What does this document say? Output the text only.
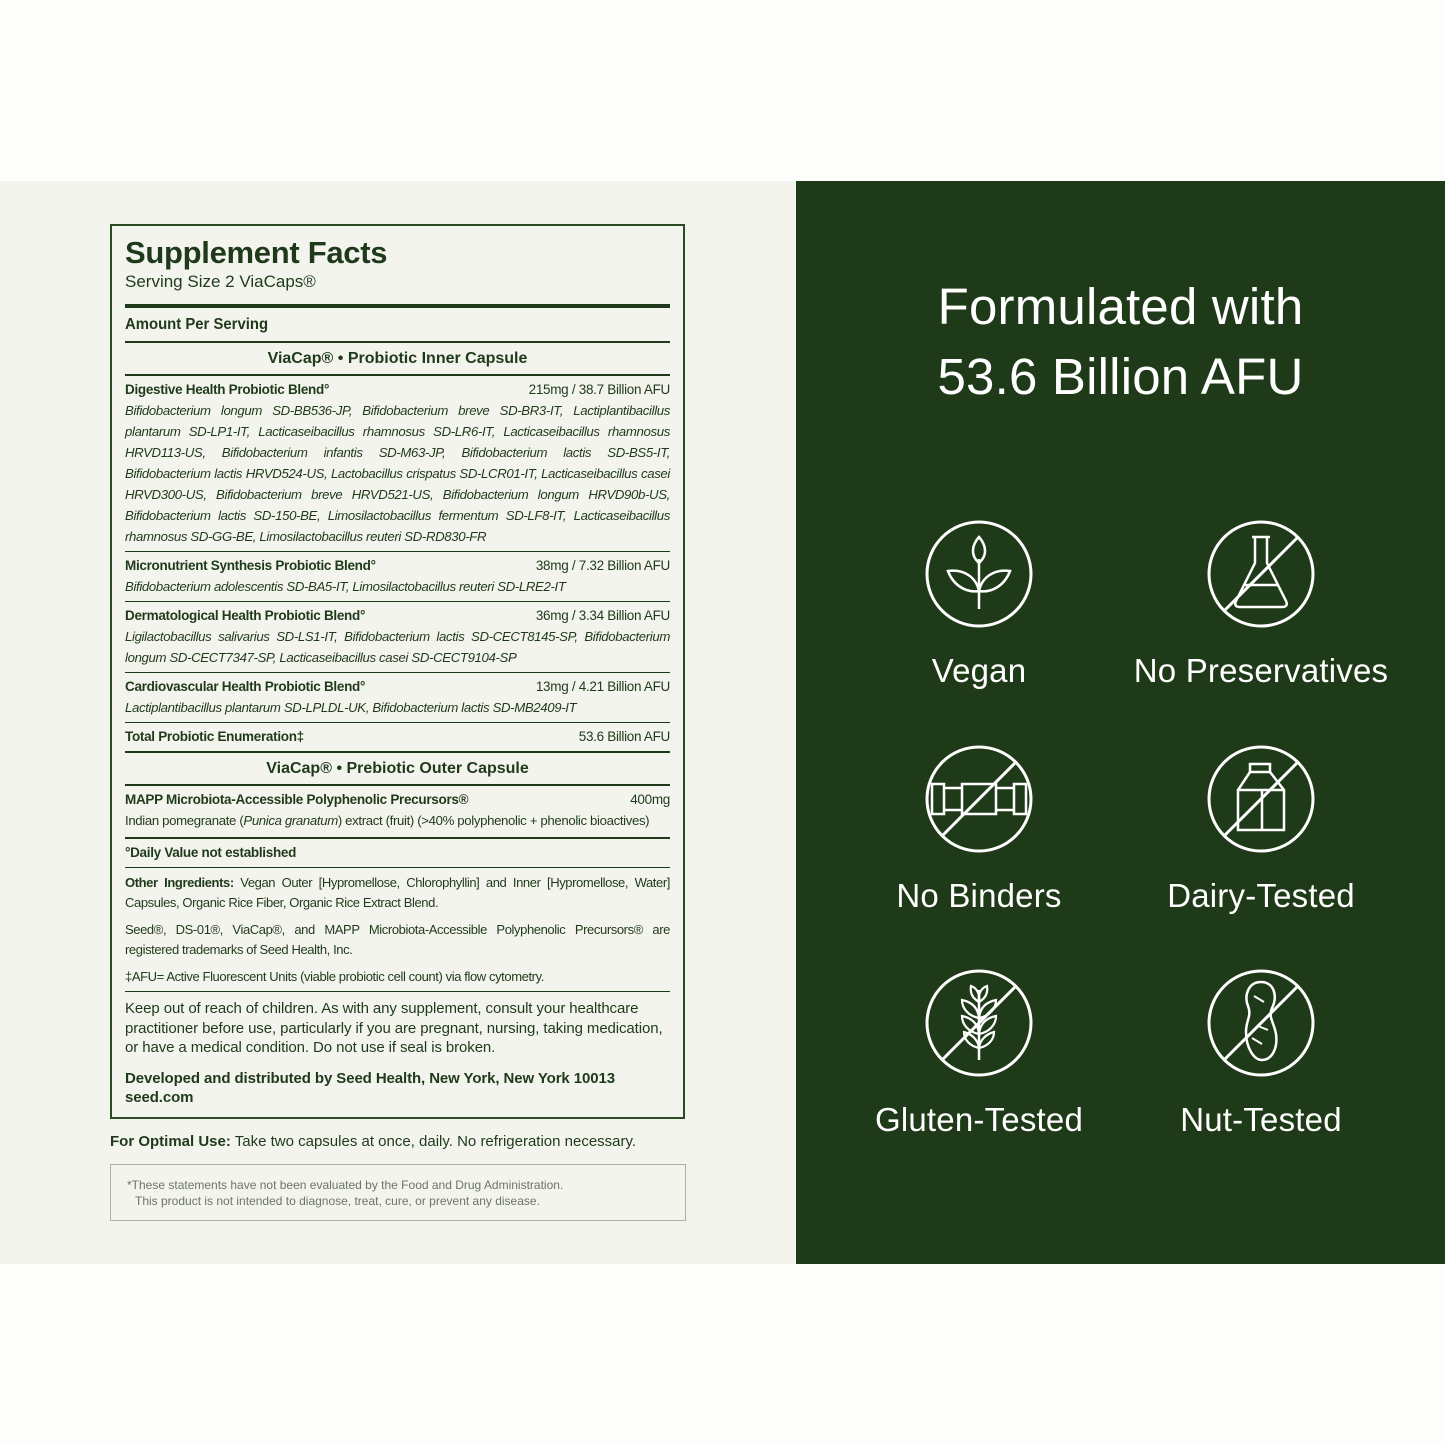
Supplement Facts
Serving Size 2 ViaCaps®
Amount Per Serving
ViaCap® • Probiotic Inner Capsule
Digestive Health Probiotic Blend°	215mg / 38.7 Billion AFU
Bifidobacterium longum SD-BB536-JP, Bifidobacterium breve SD-BR3-IT, Lactiplantibacillus plantarum SD-LP1-IT, Lacticaseibacillus rhamnosus SD-LR6-IT, Lacticaseibacillus rhamnosus HRVD113-US, Bifidobacterium infantis SD-M63-JP, Bifidobacterium lactis SD-BS5-IT, Bifidobacterium lactis HRVD524-US, Lactobacillus crispatus SD-LCR01-IT, Lacticaseibacillus casei HRVD300-US, Bifidobacterium breve HRVD521-US, Bifidobacterium longum HRVD90b-US, Bifidobacterium lactis SD-150-BE, Limosilactobacillus fermentum SD-LF8-IT, Lacticaseibacillus rhamnosus SD-GG-BE, Limosilactobacillus reuteri SD-RD830-FR
Micronutrient Synthesis Probiotic Blend°	38mg / 7.32 Billion AFU
Bifidobacterium adolescentis SD-BA5-IT, Limosilactobacillus reuteri SD-LRE2-IT
Dermatological Health Probiotic Blend°	36mg / 3.34 Billion AFU
Ligilactobacillus salivarius SD-LS1-IT, Bifidobacterium lactis SD-CECT8145-SP, Bifidobacterium longum SD-CECT7347-SP, Lacticaseibacillus casei SD-CECT9104-SP
Cardiovascular Health Probiotic Blend°	13mg / 4.21 Billion AFU
Lactiplantibacillus plantarum SD-LPLDL-UK, Bifidobacterium lactis SD-MB2409-IT
Total Probiotic Enumeration‡	53.6 Billion AFU
ViaCap® • Prebiotic Outer Capsule
MAPP Microbiota-Accessible Polyphenolic Precursors®	400mg
Indian pomegranate (Punica granatum) extract (fruit) (>40% polyphenolic + phenolic bioactives)
°Daily Value not established
Other Ingredients: Vegan Outer [Hypromellose, Chlorophyllin] and Inner [Hypromellose, Water] Capsules, Organic Rice Fiber, Organic Rice Extract Blend.
Seed®, DS-01®, ViaCap®, and MAPP Microbiota-Accessible Polyphenolic Precursors® are registered trademarks of Seed Health, Inc.
‡AFU= Active Fluorescent Units (viable probiotic cell count) via flow cytometry.
Keep out of reach of children. As with any supplement, consult your healthcare practitioner before use, particularly if you are pregnant, nursing, taking medication, or have a medical condition. Do not use if seal is broken.
Developed and distributed by Seed Health, New York, New York 10013
seed.com
For Optimal Use: Take two capsules at once, daily. No refrigeration necessary.
*These statements have not been evaluated by the Food and Drug Administration.
This product is not intended to diagnose, treat, cure, or prevent any disease.
Formulated with
53.6 Billion AFU
Vegan	No Preservatives
No Binders	Dairy-Tested
Gluten-Tested	Nut-Tested
